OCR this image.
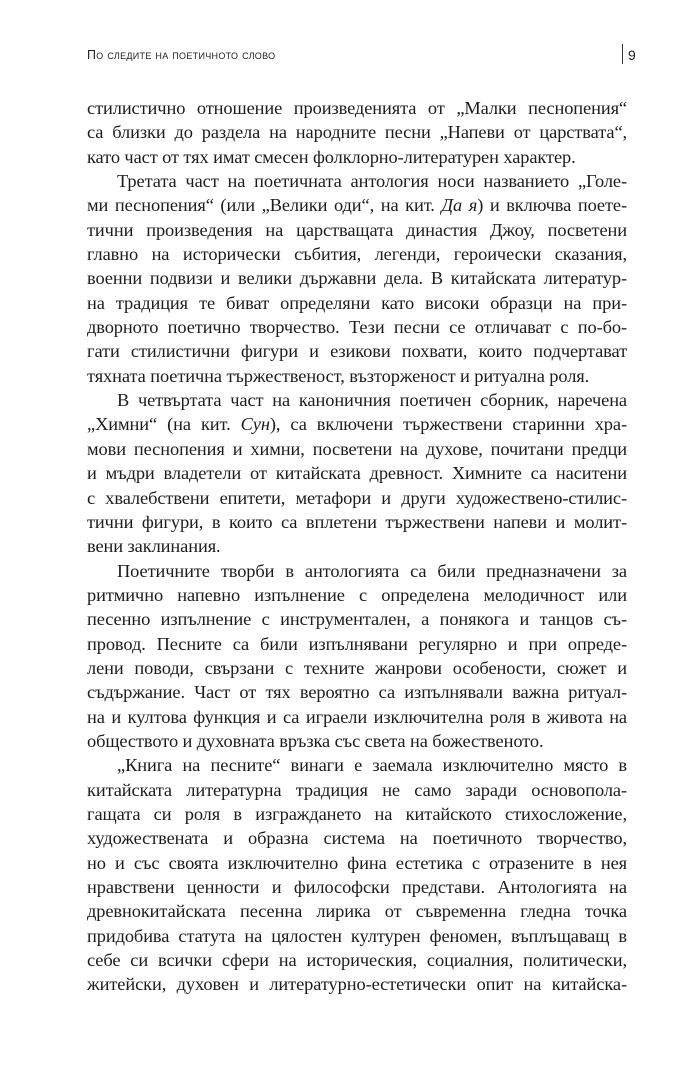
По следите на поетичното слово	9
стилистично отношение произведенията от „Малки песнопения“
са близки до раздела на народните песни „Напеви от царствата“,
като част от тях имат смесен фолклорно-литературен характер.
Третата част на поетичната антология носи названието „Голе-
ми песнопения“ (или „Велики оди“, на кит. Да я) и включва поете-
тични произведения на царстващата династия Джоу, посветени
главно на исторически събития, легенди, героически сказания,
военни подвизи и велики държавни дела. В китайската литератур-
на традиция те биват определяни като високи образци на при-
дворното поетично творчество. Тези песни се отличават с по-бо-
гати стилистични фигури и езикови похвати, които подчертават
тяхната поетична тържественост, възторженост и ритуална роля.
В четвъртата част на каноничния поетичен сборник, наречена
„Химни“ (на кит. Сун), са включени тържествени старинни хра-
мови песнопения и химни, посветени на духове, почитани предци
и мъдри владетели от китайската древност. Химните са наситени
с хвалебствени епитети, метафори и други художествено-стилис-
тични фигури, в които са вплетени тържествени напеви и молит-
вени заклинания.
Поетичните творби в антологията са били предназначени за
ритмично напевно изпълнение с определена мелодичност или
песенно изпълнение с инструментален, а понякога и танцов съ-
провод. Песните са били изпълнявани регулярно и при опреде-
лени поводи, свързани с техните жанрови особености, сюжет и
съдържание. Част от тях вероятно са изпълнявали важна ритуал-
на и култова функция и са играели изключителна роля в живота на
обществото и духовната връзка със света на божественото.
„Книга на песните“ винаги е заемала изключително място в
китайската литературна традиция не само заради основопола-
гащата си роля в изграждането на китайското стихосложение,
художествената и образна система на поетичното творчество,
но и със своята изключително фина естетика с отразените в нея
нравствени ценности и философски представи. Антологията на
древнокитайската песенна лирика от съвременна гледна точка
придобива статута на цялостен културен феномен, въплъщаващ в
себе си всички сфери на историческия, социалния, политически,
житейски, духовен и литературно-естетически опит на китайска-
